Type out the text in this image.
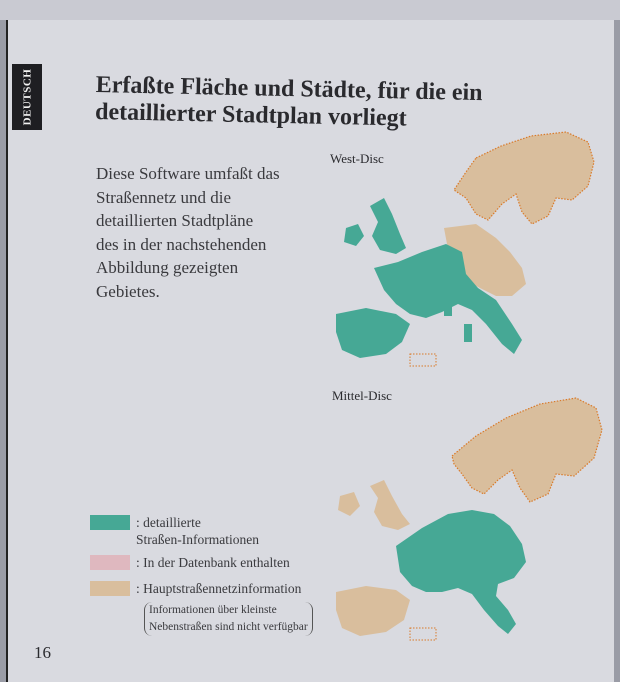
DEUTSCH	Erfaßte Fläche und Städte, für die ein
detaillierter Stadtplan vorliegt

Diese Software umfaßt das
Straßennetz und die
detaillierten Stadtpläne
des in der nachstehenden
Abbildung gezeigten
Gebietes.

West-Disc
Mittel-Disc
: detaillierte
Straßen-Informationen
: In der Datenbank enthalten
: Hauptstraßennetzinformation
Informationen über kleinste
Nebenstraßen sind nicht verfügbar
16
